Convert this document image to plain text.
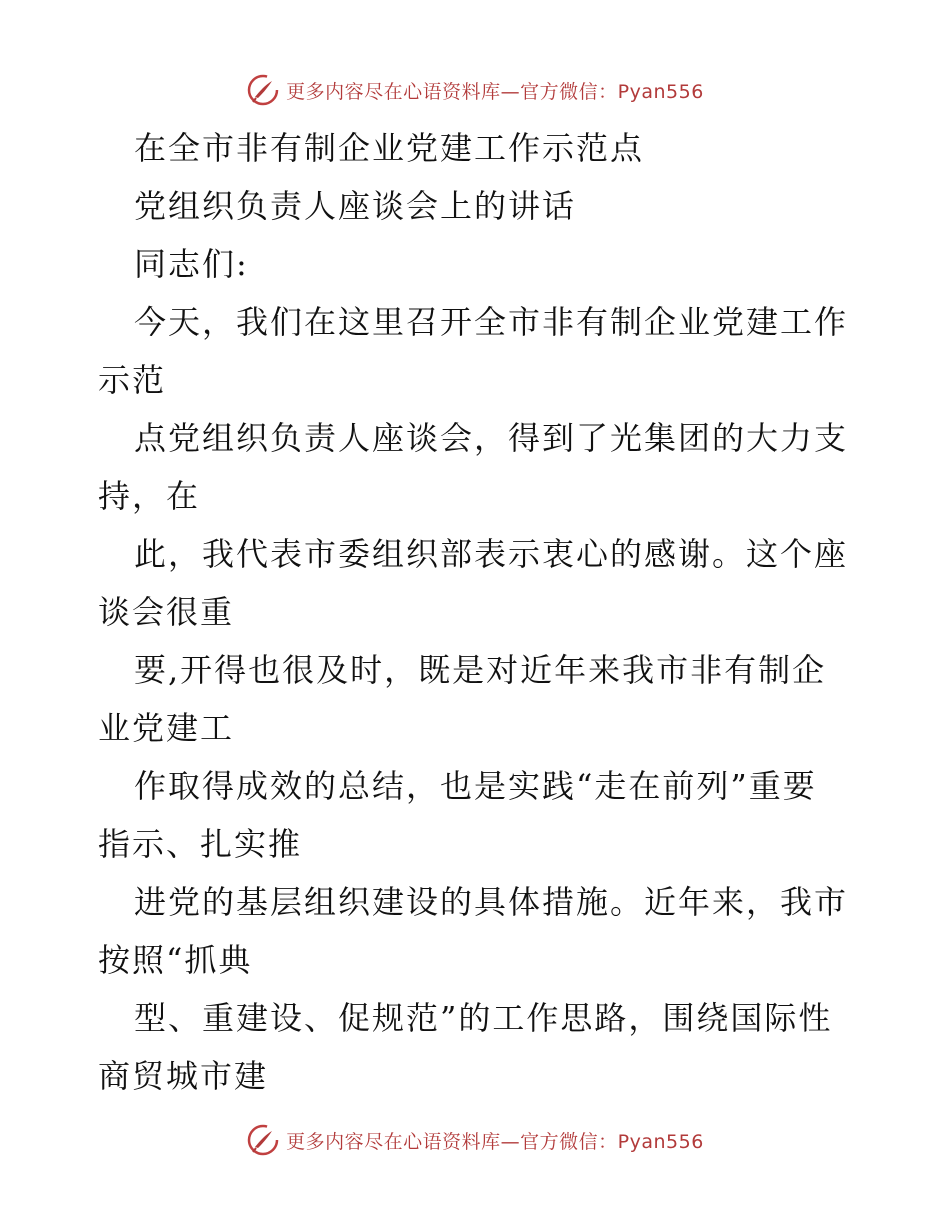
更多内容尽在心语资料库—官方微信：Pyan556
在全市非有制企业党建工作示范点
党组织负责人座谈会上的讲话
同志们:
今天，我们在这里召开全市非有制企业党建工作
示范
点党组织负责人座谈会，得到了光集团的大力支
持，在
此，我代表市委组织部表示衷心的感谢。这个座
谈会很重
要,开得也很及时，既是对近年来我市非有制企
业党建工
作取得成效的总结，也是实践“走在前列”重要
指示、扎实推
进党的基层组织建设的具体措施。近年来，我市
按照“抓典
型、重建设、促规范”的工作思路，围绕国际性
商贸城市建
更多内容尽在心语资料库—官方微信：Pyan556
